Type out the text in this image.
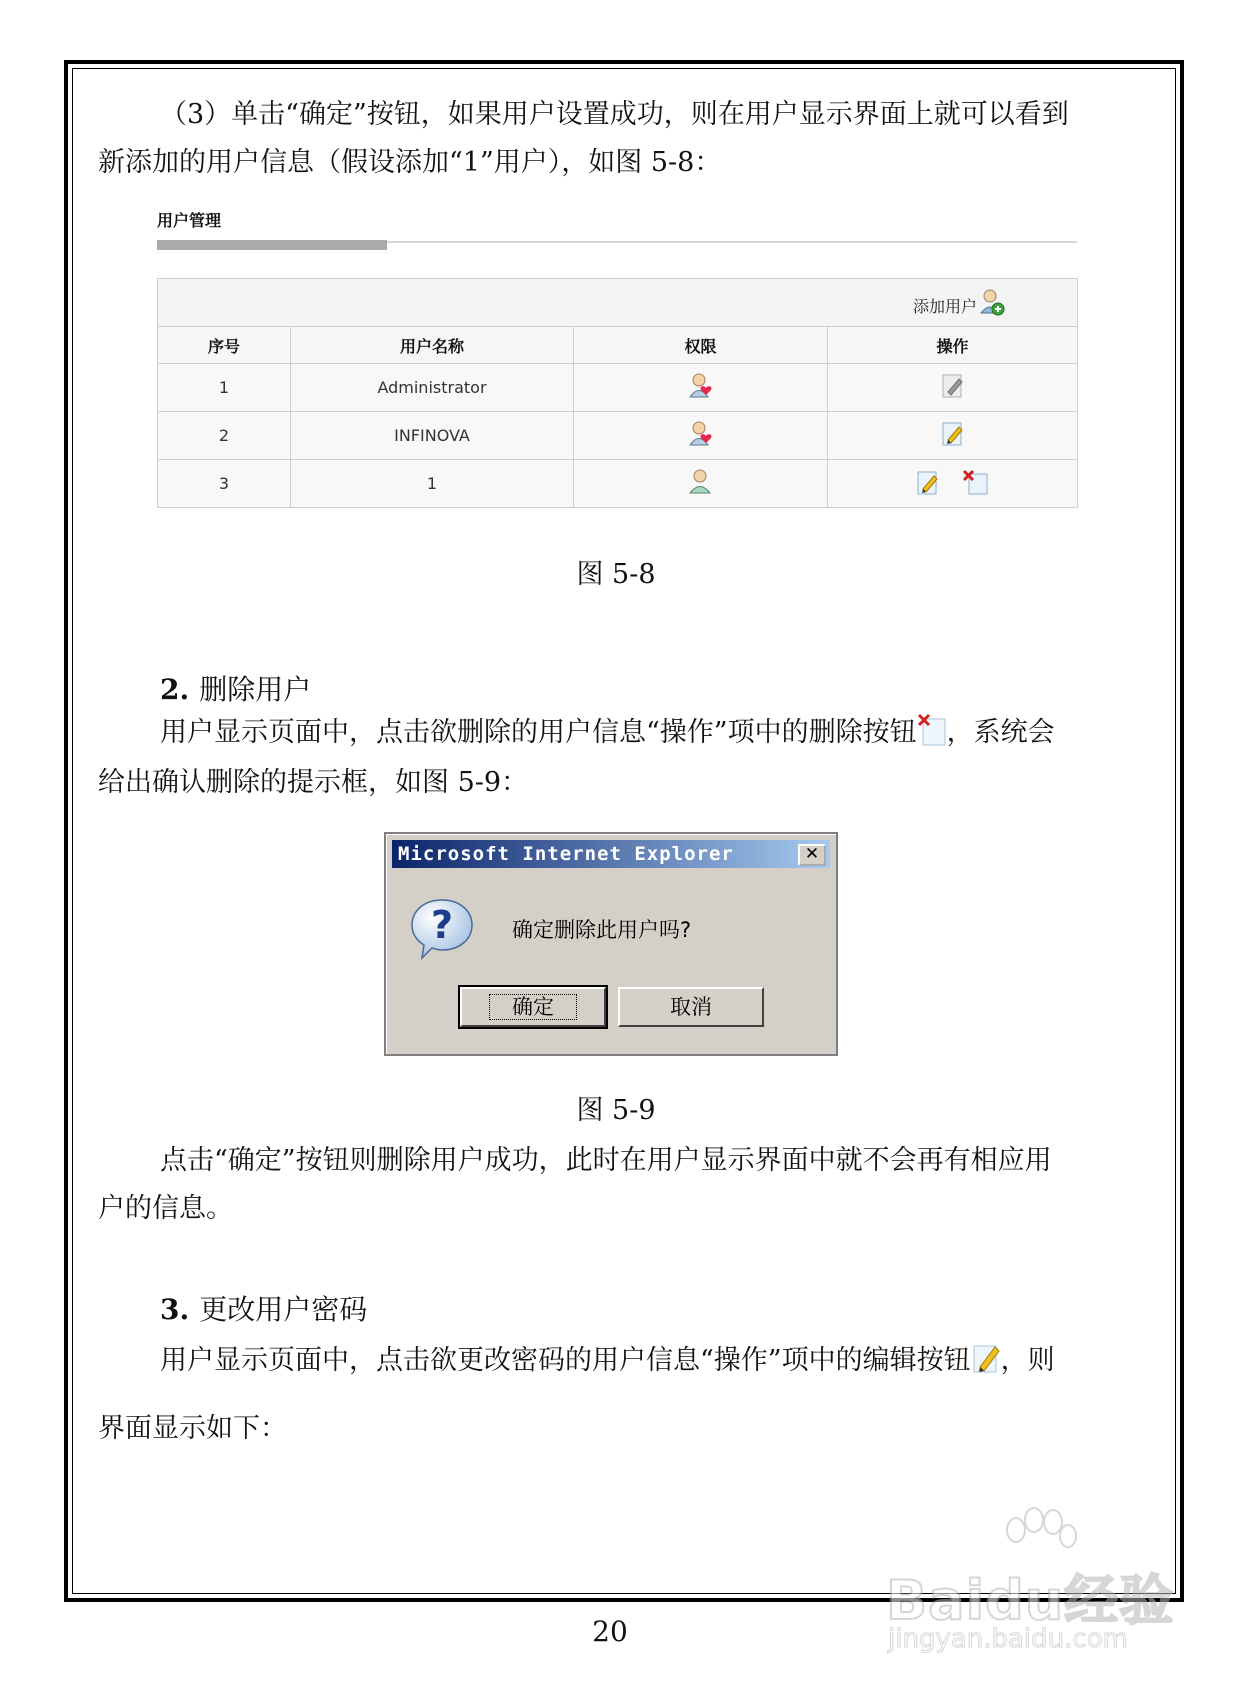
（3）单击“确定”按钮，如果用户设置成功，则在用户显示界面上就可以看到

新添加的用户信息（假设添加“1”用户），如图 5-8：

用户管理
添加用户			

序号	用户名称	权限	操作
1	Administrator		
2	INFINOVA		
3	1		

图 5-8

2. 删除用户

用户显示页面中，点击欲删除的用户信息“操作”项中的删除按钮 ，系统会

给出确认删除的提示框，如图 5-9：

Microsoft Internet Explorer	✕
?	确定删除此用户吗?
确定	取消

图 5-9

点击“确定”按钮则删除用户成功，此时在用户显示界面中就不会再有相应用

户的信息。

3. 更改用户密码

用户显示页面中，点击欲更改密码的用户信息“操作”项中的编辑按钮 ，则

界面显示如下：

20	Baidu经验
jingyan.baidu.com
